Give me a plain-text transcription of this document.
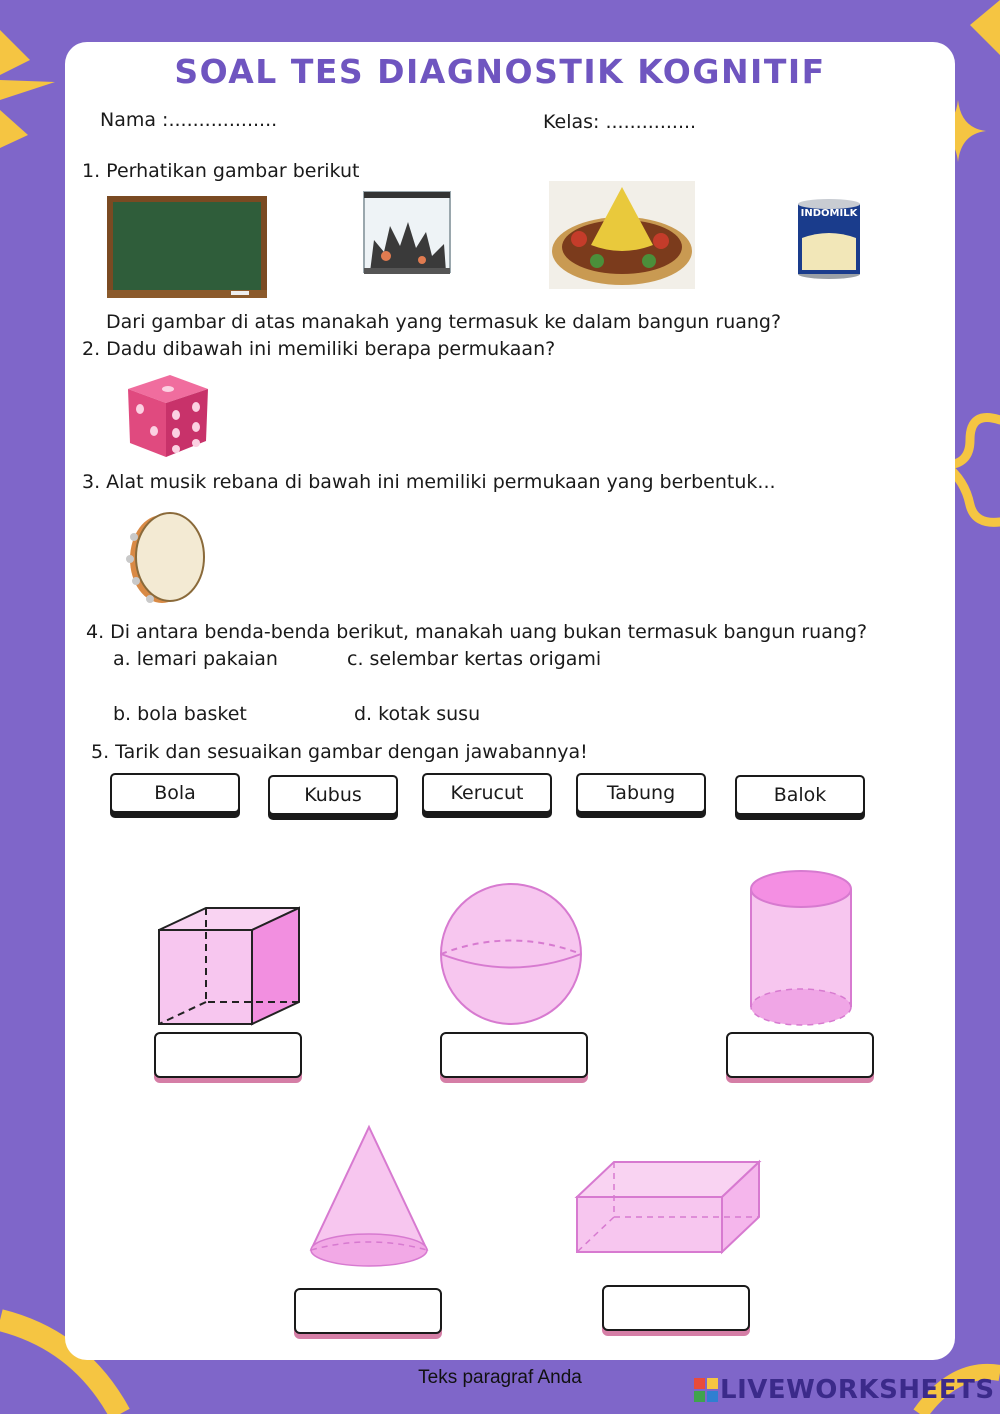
SOAL TES DIAGNOSTIK KOGNITIF
Nama :..................	Kelas: ...............
1. Perhatikan gambar berikut
INDOMILK
Dari gambar di atas manakah yang termasuk ke dalam bangun ruang?
2. Dadu dibawah ini memiliki berapa permukaan?
3. Alat musik rebana di bawah ini memiliki permukaan yang berbentuk...
4. Di antara benda-benda berikut, manakah uang bukan termasuk bangun ruang?
a. lemari pakaian	c. selembar kertas origami
b. bola basket	d. kotak susu
5. Tarik dan sesuaikan gambar dengan jawabannya!
Bola	Kubus	Kerucut	Tabung	Balok
Teks paragraf Anda	LIVEWORKSHEETS
